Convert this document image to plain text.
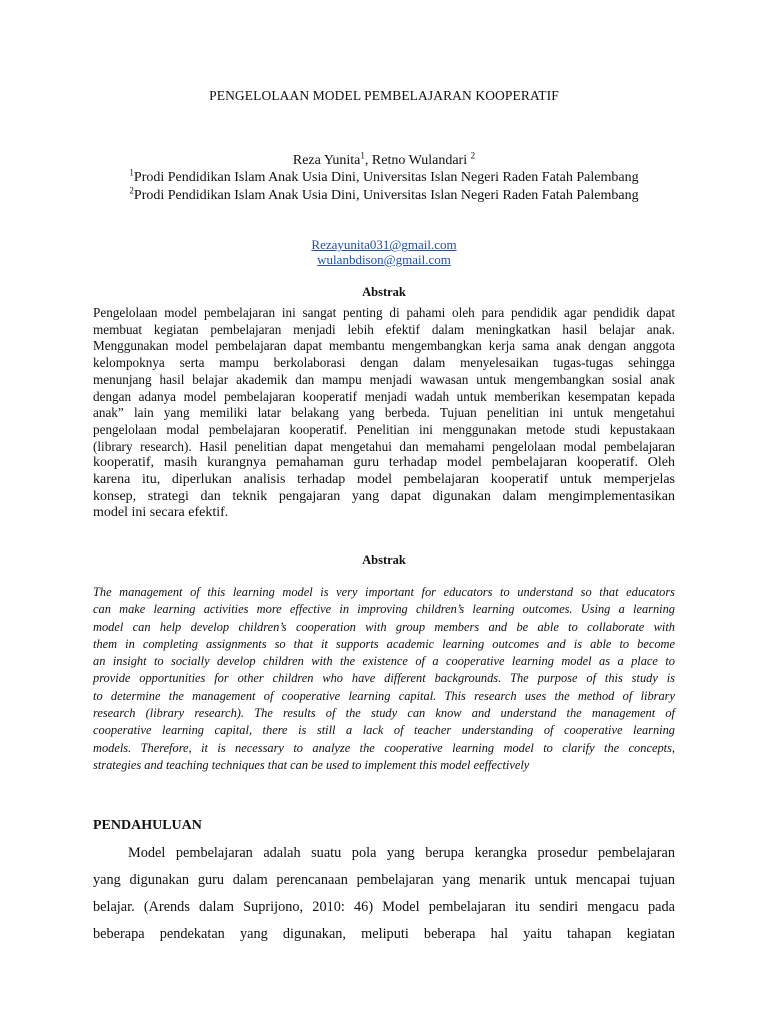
PENGELOLAAN MODEL PEMBELAJARAN KOOPERATIF
Reza Yunita$^1$, Retno Wulandari $^2$
$^1$Prodi Pendidikan Islam Anak Usia Dini, Universitas Islan Negeri Raden Fatah Palembang
$^2$Prodi Pendidikan Islam Anak Usia Dini, Universitas Islan Negeri Raden Fatah Palembang
Rezayunita031@gmail.com
wulanbdison@gmail.com
Abstrak
Pengelolaan model pembelajaran ini sangat penting di pahami oleh para pendidik agar pendidik dapat
membuat kegiatan pembelajaran menjadi lebih efektif dalam meningkatkan hasil belajar anak.
Menggunakan model pembelajaran dapat membantu mengembangkan kerja sama anak dengan anggota
kelompoknya serta mampu berkolaborasi dengan dalam menyelesaikan tugas-tugas sehingga
menunjang hasil belajar akademik dan mampu menjadi wawasan untuk mengembangkan sosial anak
dengan adanya model pembelajaran kooperatif menjadi wadah untuk memberikan kesempatan kepada
anak” lain yang memiliki latar belakang yang berbeda. Tujuan penelitian ini untuk mengetahui
pengelolaan modal pembelajaran kooperatif. Penelitian ini menggunakan metode studi kepustakaan
(library research). Hasil penelitian dapat mengetahui dan memahami pengelolaan modal pembelajaran
kooperatif, masih kurangnya pemahaman guru terhadap model pembelajaran kooperatif. Oleh
karena itu, diperlukan analisis terhadap model pembelajaran kooperatif untuk memperjelas
konsep, strategi dan teknik pengajaran yang dapat digunakan dalam mengimplementasikan
model ini secara efektif.
Abstrak
The management of this learning model is very important for educators to understand so that educators
can make learning activities more effective in improving children’s learning outcomes. Using a learning
model can help develop children’s cooperation with group members and be able to collaborate with
them in completing assignments so that it supports academic learning outcomes and is able to become
an insight to socially develop children with the existence of a cooperative learning model as a place to
provide opportunities for other children who have different backgrounds. The purpose of this study is
to determine the management of cooperative learning capital. This research uses the method of library
research (library research). The results of the study can know and understand the management of
cooperative learning capital, there is still a lack of teacher understanding of cooperative learning
models. Therefore, it is necessary to analyze the cooperative learning model to clarify the concepts,
strategies and teaching techniques that can be used to implement this model eeffectively
PENDAHULUAN
Model pembelajaran adalah suatu pola yang berupa kerangka prosedur pembelajaran
yang digunakan guru dalam perencanaan pembelajaran yang menarik untuk mencapai tujuan
belajar. (Arends dalam Suprijono, 2010: 46) Model pembelajaran itu sendiri mengacu pada
beberapa pendekatan yang digunakan, meliputi beberapa hal yaitu tahapan kegiatan
